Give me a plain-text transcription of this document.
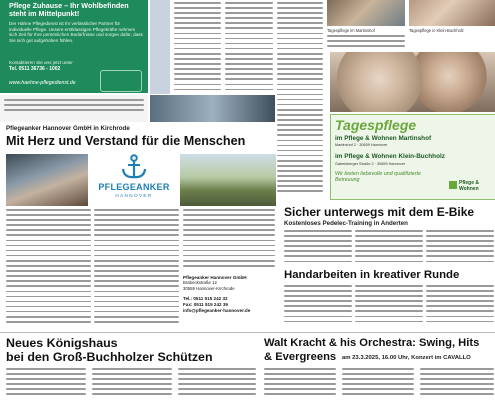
Pflege Zuhause – Ihr Wohlbefinden steht im Mittelpunkt!
Der Hähne Pflegedienst ist Ihr verlässlicher Partner für individuelle Pflege. Unsere erstklassigen Pflegekräfte nehmen sich Zeit für Ihre persönlichen Bedürfnisse und sorgen dafür, dass Sie sich gut aufgehoben fühlen.
Kontaktieren Sie uns jetzt unter
Tel. 0511 36736 - 1002
www.haehne-pflegedienst.de
Tagespflege im Martinshof	Tagespflege in Klein-Buchholz
Tagespflege
im Pflege & Wohnen Martinshof
Martinshof 2 · 30659 Hannover
im Pflege & Wohnen Klein-Buchholz
Gabelsberger Straße 2 · 30659 Hannover
Wir bieten liebevolle und qualifizierte Betreuung	Pflege & Wohnen
Pflegeanker Hannover GmbH in Kirchrode
Mit Herz und Verstand für die Menschen
PFLEGEANKER
HANNOVER
Pflegeanker Hannover GmbH
Brabeckstraße 12
30559 Hannover-Kirchrode
Tel.: 0511 515 242 32
Fax: 0511 515 242 39
info@pflegeanker-hannover.de
Sicher unterwegs mit dem E-Bike
Kostenloses Pedelec-Training in Anderten
Handarbeiten in kreativer Runde
Neues Königshaus
bei den Groß-Buchholzer Schützen
Walt Kracht & his Orchestra: Swing, Hits
& Evergreens am 23.3.2025, 16.00 Uhr, Konzert im CAVALLO
